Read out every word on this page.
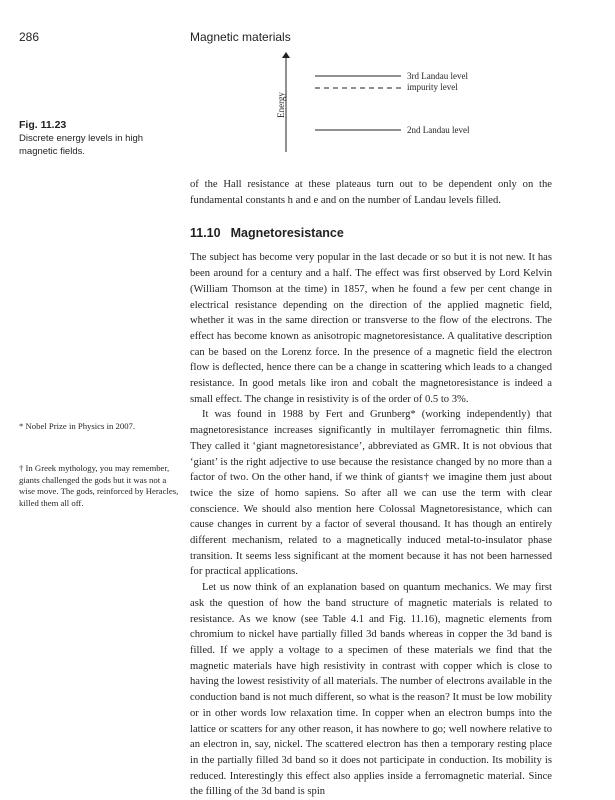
286	Magnetic materials
Energy
3rd Landau level
impurity level
2nd Landau level
Fig. 11.23
Discrete energy levels in high magnetic fields.

of the Hall resistance at these plateaus turn out to be dependent only on the fundamental constants h and e and on the number of Landau levels filled.

11.10 Magnetoresistance

The subject has become very popular in the last decade or so but it is not new. It has been around for a century and a half. The effect was first observed by Lord Kelvin (William Thomson at the time) in 1857, when he found a few per cent change in electrical resistance depending on the direction of the applied magnetic field, whether it was in the same direction or transverse to the flow of the electrons. The effect has become known as anisotropic magnetoresistance. A qualitative description can be based on the Lorenz force. In the presence of a magnetic field the electron flow is deflected, hence there can be a change in scattering which leads to a changed resistance. In good metals like iron and cobalt the magnetoresistance is indeed a small effect. The change in resistivity is of the order of 0.5 to 3%.

It was found in 1988 by Fert and Grunberg* (working independently) that magnetoresistance increases significantly in multilayer ferromagnetic thin films. They called it ‘giant magnetoresistance’, abbreviated as GMR. It is not obvious that ‘giant’ is the right adjective to use because the resistance changed by no more than a factor of two. On the other hand, if we think of giants† we imagine them just about twice the size of homo sapiens. So after all we can use the term with clear conscience. We should also mention here Colossal Magnetoresistance, which can cause changes in current by a factor of several thousand. It has though an entirely different mechanism, related to a magnetically induced metal-to-insulator phase transition. It seems less significant at the moment because it has not been harnessed for practical applications.

Let us now think of an explanation based on quantum mechanics. We may first ask the question of how the band structure of magnetic materials is related to resistance. As we know (see Table 4.1 and Fig. 11.16), magnetic elements from chromium to nickel have partially filled 3d bands whereas in copper the 3d band is filled. If we apply a voltage to a specimen of these materials we find that the magnetic materials have high resistivity in contrast with copper which is close to having the lowest resistivity of all materials. The number of electrons available in the conduction band is not much different, so what is the reason? It must be low mobility or in other words low relaxation time. In copper when an electron bumps into the lattice or scatters for any other reason, it has nowhere to go; well nowhere relative to an electron in, say, nickel. The scattered electron has then a temporary resting place in the partially filled 3d band so it does not participate in conduction. Its mobility is reduced. Interestingly this effect also applies inside a ferromagnetic material. Since the filling of the 3d band is spin

* Nobel Prize in Physics in 2007.
† In Greek mythology, you may remember, giants challenged the gods but it was not a wise move. The gods, reinforced by Heracles, killed them all off.
